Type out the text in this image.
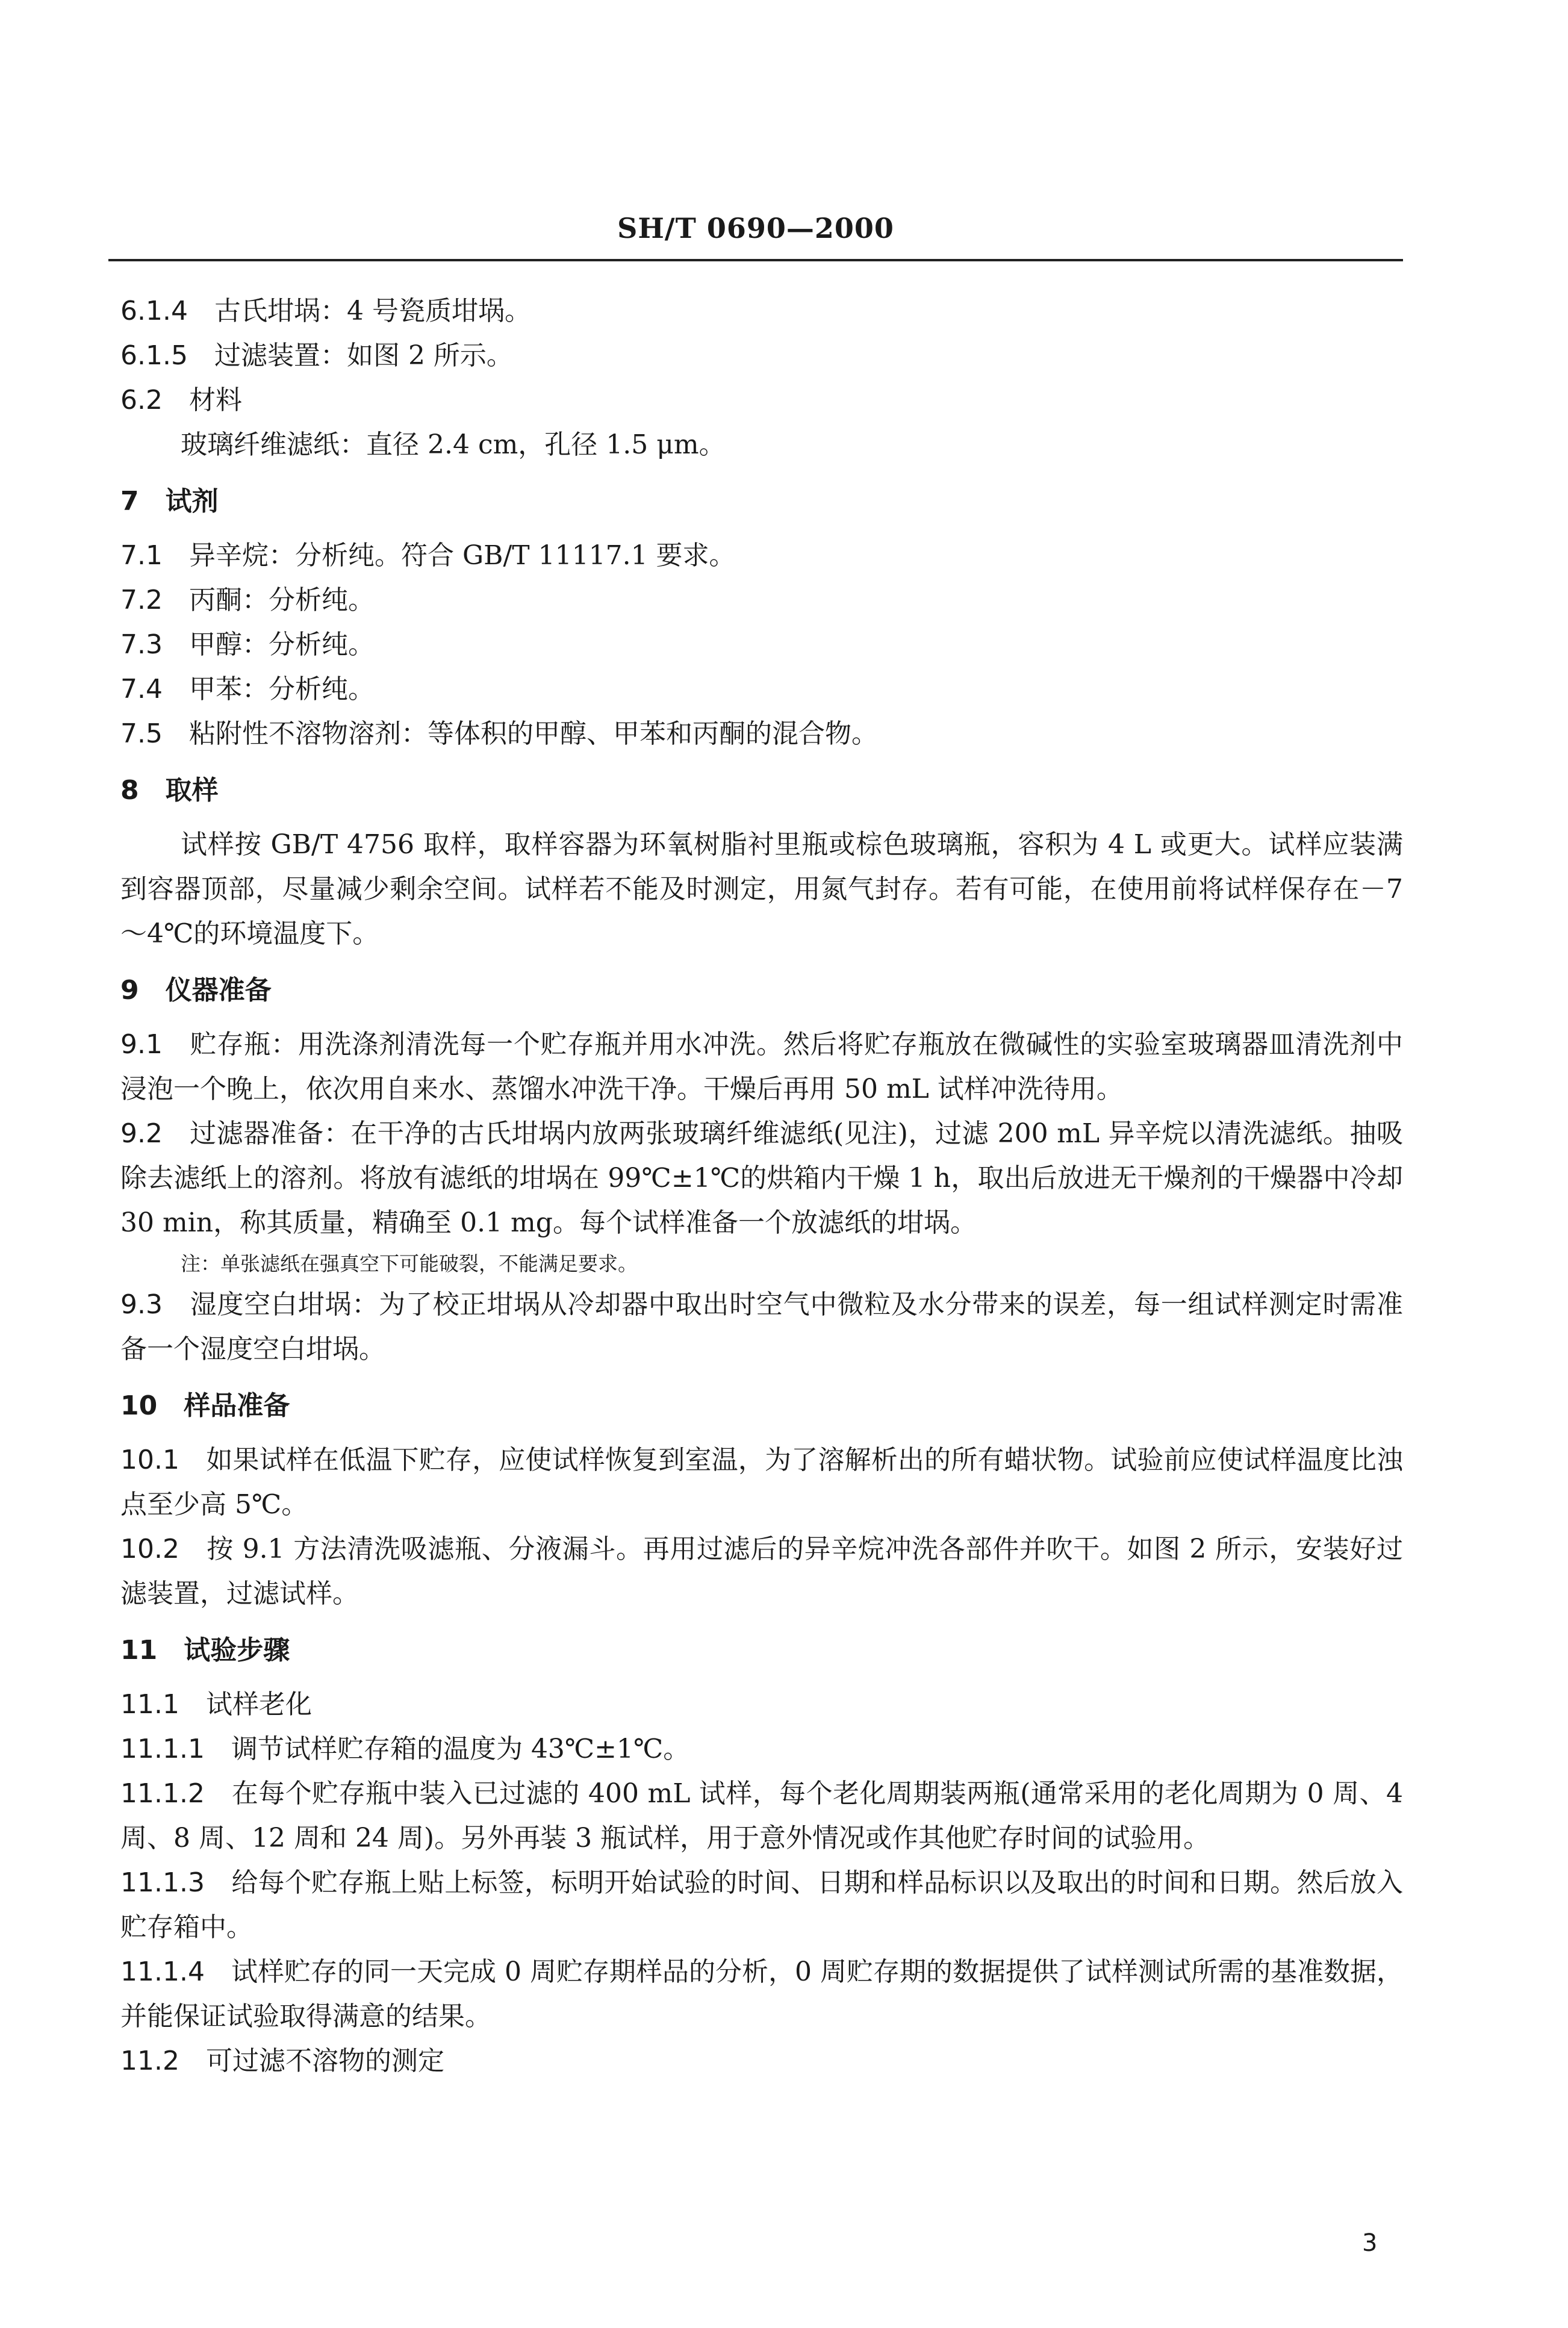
SH/T 0690—2000
6.1.4　 古氏坩埚：4 号瓷质坩埚。
6.1.5　 过滤装置：如图 2 所示。
6.2　 材料
玻璃纤维滤纸：直径 2.4 cm，孔径 1.5 μm。
7　 试剂
7.1　 异辛烷：分析纯。符合 GB/T 11117.1 要求。
7.2　 丙酮：分析纯。
7.3　 甲醇：分析纯。
7.4　 甲苯：分析纯。
7.5　 粘附性不溶物溶剂：等体积的甲醇、甲苯和丙酮的混合物。
8　 取样
试样按 GB/T 4756 取样，取样容器为环氧树脂衬里瓶或棕色玻璃瓶，容积为 4 L 或更大。试样应装满到容器顶部，尽量减少剩余空间。试样若不能及时测定，用氮气封存。若有可能，在使用前将试样保存在－7～4℃的环境温度下。
9　 仪器准备
9.1　 贮存瓶：用洗涤剂清洗每一个贮存瓶并用水冲洗。然后将贮存瓶放在微碱性的实验室玻璃器皿清洗剂中浸泡一个晚上，依次用自来水、蒸馏水冲洗干净。干燥后再用 50 mL 试样冲洗待用。
9.2　 过滤器准备：在干净的古氏坩埚内放两张玻璃纤维滤纸(见注)，过滤 200 mL 异辛烷以清洗滤纸。抽吸除去滤纸上的溶剂。将放有滤纸的坩埚在 99℃±1℃的烘箱内干燥 1 h，取出后放进无干燥剂的干燥器中冷却 30 min，称其质量，精确至 0.1 mg。每个试样准备一个放滤纸的坩埚。
注：单张滤纸在强真空下可能破裂，不能满足要求。
9.3　 湿度空白坩埚：为了校正坩埚从冷却器中取出时空气中微粒及水分带来的误差，每一组试样测定时需准备一个湿度空白坩埚。
10　 样品准备
10.1　 如果试样在低温下贮存，应使试样恢复到室温，为了溶解析出的所有蜡状物。试验前应使试样温度比浊点至少高 5℃。
10.2　 按 9.1 方法清洗吸滤瓶、分液漏斗。再用过滤后的异辛烷冲洗各部件并吹干。如图 2 所示，安装好过滤装置，过滤试样。
11　 试验步骤
11.1　 试样老化
11.1.1　 调节试样贮存箱的温度为 43℃±1℃。
11.1.2　 在每个贮存瓶中装入已过滤的 400 mL 试样，每个老化周期装两瓶(通常采用的老化周期为 0 周、4 周、8 周、12 周和 24 周)。另外再装 3 瓶试样，用于意外情况或作其他贮存时间的试验用。
11.1.3　 给每个贮存瓶上贴上标签，标明开始试验的时间、日期和样品标识以及取出的时间和日期。然后放入贮存箱中。
11.1.4　 试样贮存的同一天完成 0 周贮存期样品的分析，0 周贮存期的数据提供了试样测试所需的基准数据，并能保证试验取得满意的结果。
11.2　 可过滤不溶物的测定
3
